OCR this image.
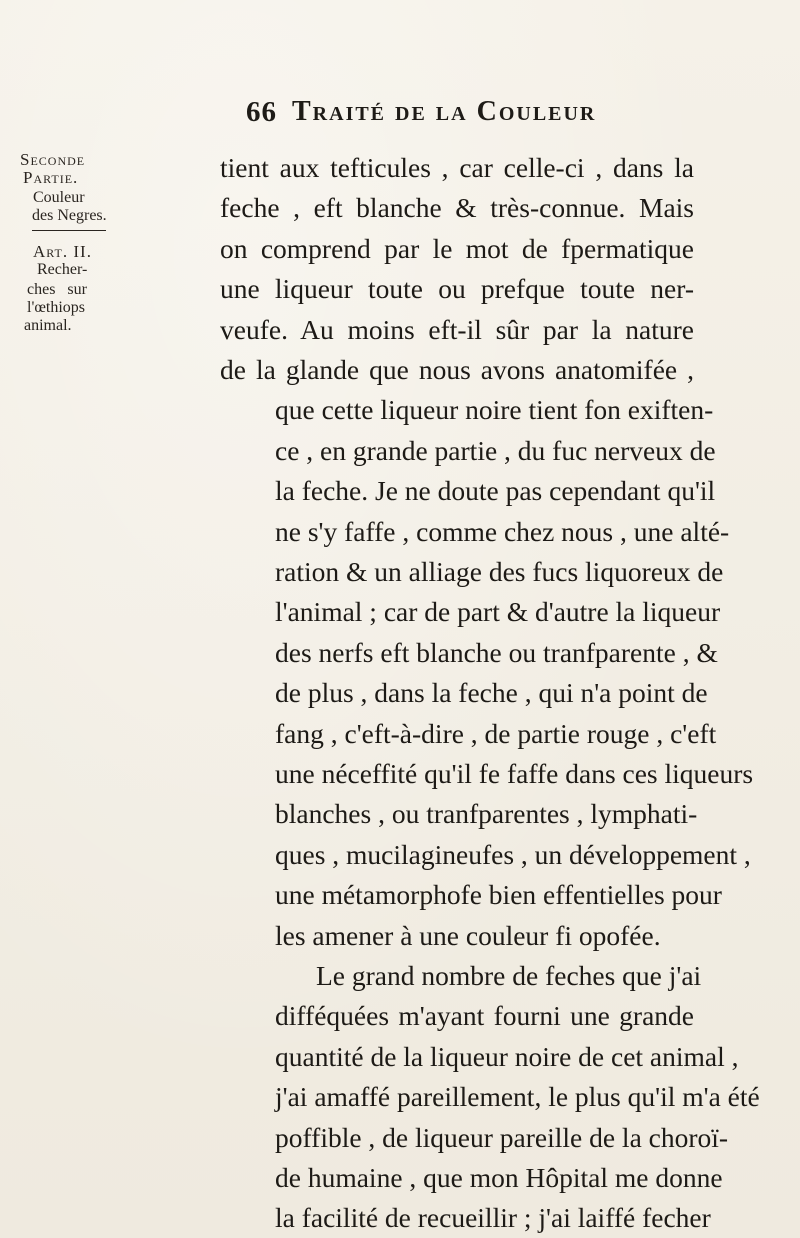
66 Traité de la Couleur
Seconde
Partie.
Couleur
des Negres.
Art. II.
Recher-
ches sur
l'œthiops
animal.
tient aux tefticules , car celle-ci , dans la
feche , eft blanche & très-connue. Mais
on comprend par le mot de fpermatique
une liqueur toute ou prefque toute ner-
veufe. Au moins eft-il sûr par la nature
de la glande que nous avons anatomifée ,
que cette liqueur noire tient fon exiften-
ce , en grande partie , du fuc nerveux de
la feche. Je ne doute pas cependant qu'il
ne s'y faffe , comme chez nous , une alté-
ration & un alliage des fucs liquoreux de
l'animal ; car de part & d'autre la liqueur
des nerfs eft blanche ou tranfparente , &
de plus , dans la feche , qui n'a point de
fang , c'eft-à-dire , de partie rouge , c'eft
une néceffité qu'il fe faffe dans ces liqueurs
blanches , ou tranfparentes , lymphati-
ques , mucilagineufes , un développement ,
une métamorphofe bien effentielles pour
les amener à une couleur fi opofée.
Le grand nombre de feches que j'ai
difféquées m'ayant fourni une grande
quantité de la liqueur noire de cet animal ,
j'ai amaffé pareillement, le plus qu'il m'a été
poffible , de liqueur pareille de la choroï-
de humaine , que mon Hôpital me donne
la facilité de recueillir ; j'ai laiffé fecher
